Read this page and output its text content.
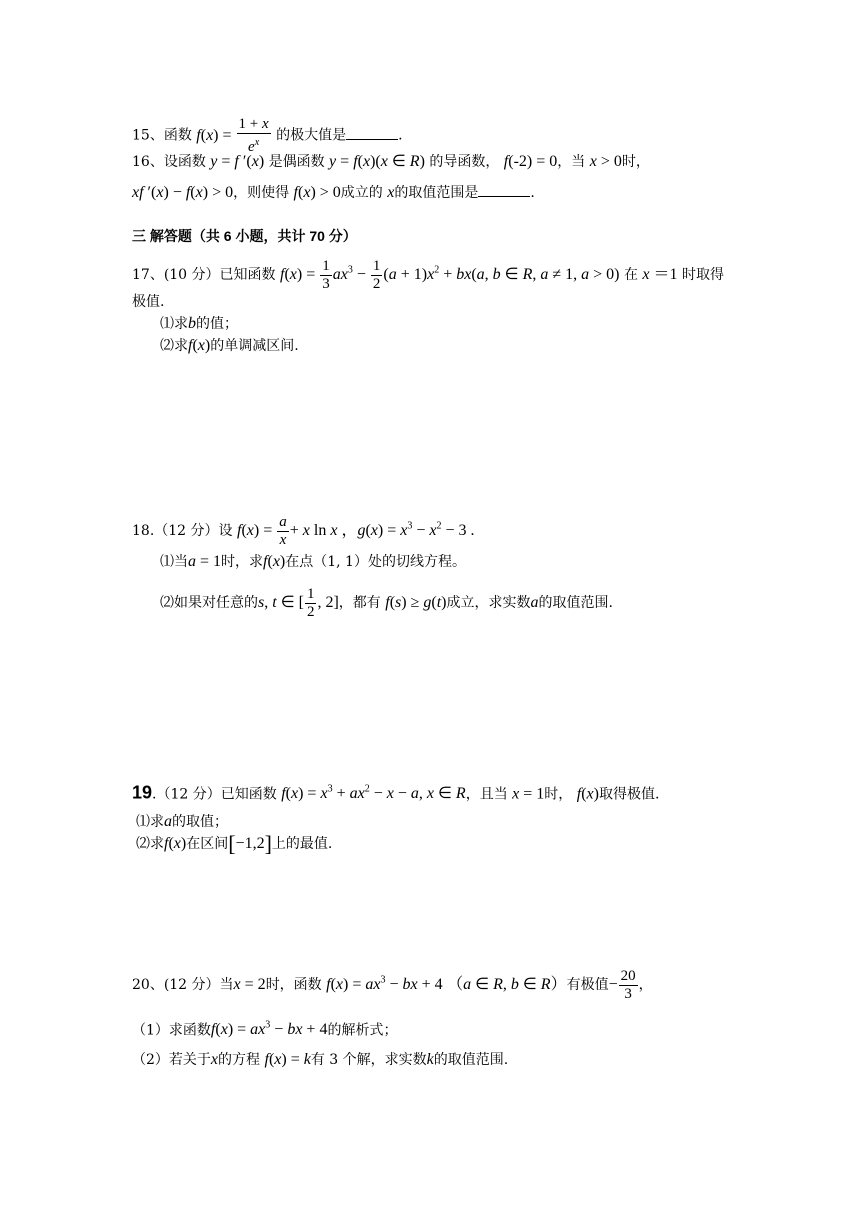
15、函数 $f(x) = \frac{1 + x}{e^x}$ 的极大值是	.
16、设函数 y = f ′(x) 是偶函数 y = f(x)(x ∈ R) 的导函数， f(-2) = 0，当 x > 0时，
xf ′(x) − f(x) > 0，则使得 f(x) > 0成立的 x的取值范围是	.
三 解答题（共 6 小题，共计 70 分）
17、(10 分）已知函数 $f(x) = \frac{1}{3} ax^3 - \frac{1}{2} (a + 1)x^2 + bx(a$, b ∈ R, a ≠ 1, a > 0) 在 x ＝1 时取得
极值.
⑴求b的值；
⑵求f(x)的单调减区间.
18.（12 分）设 $f(x) = \frac{a}{x} + x$ ln x ，$g(x) = x^3 - x^2 - 3$ .
⑴当a = 1时，求f(x)在点（1, 1）处的切线方程。
⑵如果对任意的s, t ∈ [ $\frac{1}{2}$ , 2]，都有 f(s) ≥ g(t)成立，求实数a的取值范围.
19.（12 分）已知函数 $f(x) = x^3 + ax^2 - x - a$, x ∈ R，且当 x = 1时， f(x)取得极值.
⑴求a的取值；
⑵求f(x)在区间[−1,2]上的最值.
20、(12 分）当x = 2时，函数 $f(x) = ax^3$ − bx + 4 （a ∈ R, b ∈ R）有极值− $\frac{20}{3}$ ，
（1）求函数$f(x) = ax^3$ − bx + 4的解析式；
（2）若关于x的方程 f(x) = k有 3 个解，求实数k的取值范围.
